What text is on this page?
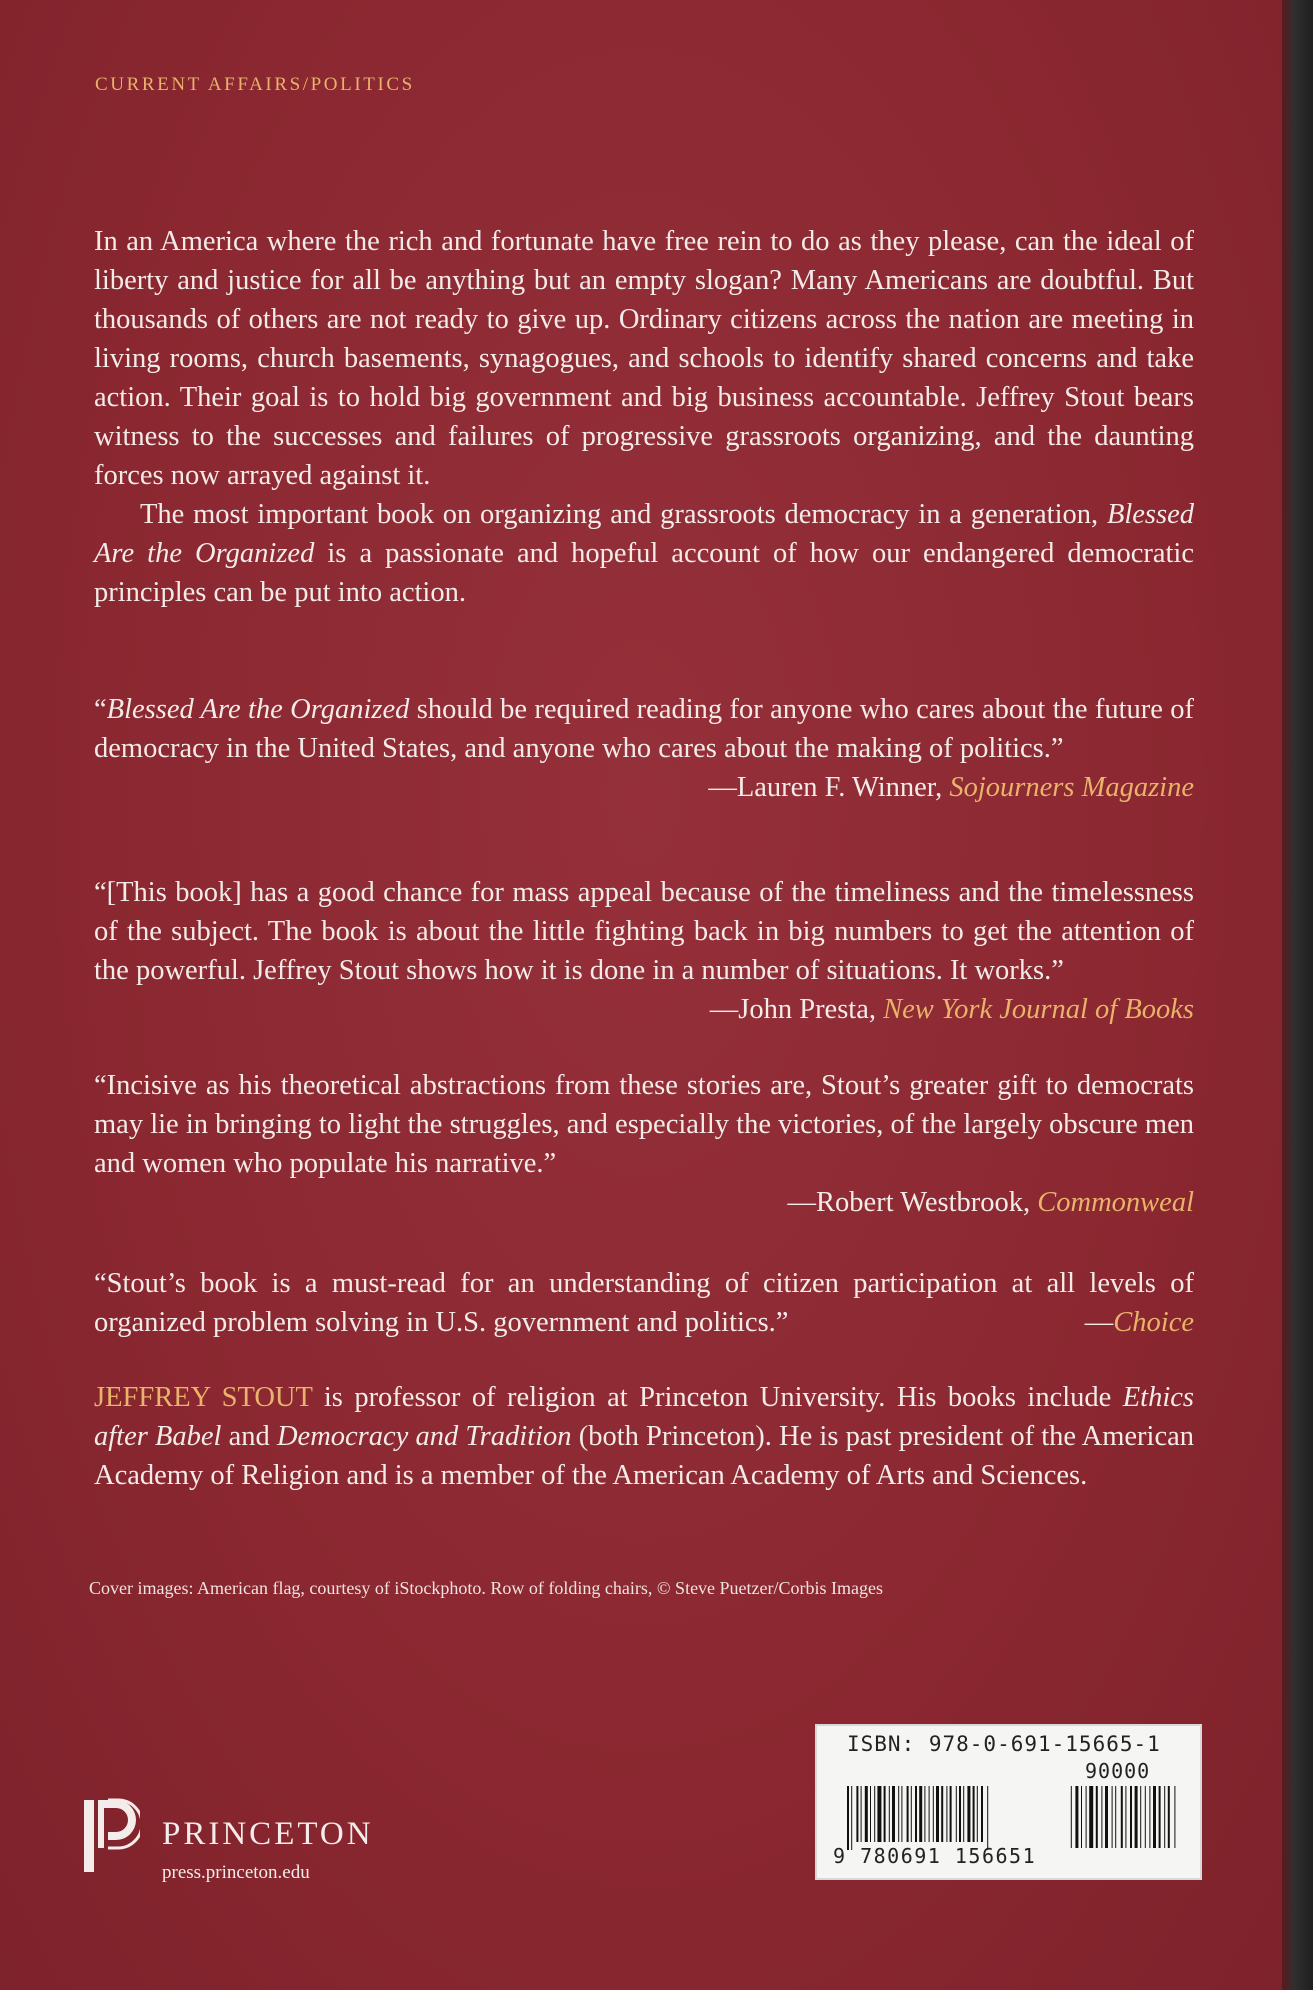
CURRENT AFFAIRS/POLITICS

In an America where the rich and fortunate have free rein to do as they please, can the ideal of liberty and justice for all be anything but an empty slogan? Many Americans are doubtful. But thousands of others are not ready to give up. Ordinary citizens across the nation are meeting in living rooms, church basements, synagogues, and schools to identify shared concerns and take action. Their goal is to hold big government and big business accountable. Jeffrey Stout bears witness to the successes and failures of progressive grassroots organizing, and the daunting forces now arrayed against it.

The most important book on organizing and grassroots democracy in a generation, Blessed Are the Organized is a passionate and hopeful account of how our endangered democratic principles can be put into action.

“Blessed Are the Organized should be required reading for anyone who cares about the future of democracy in the United States, and anyone who cares about the making of politics.”
—Lauren F. Winner, Sojourners Magazine

“[This book] has a good chance for mass appeal because of the timeliness and the timelessness of the subject. The book is about the little fighting back in big numbers to get the attention of the powerful. Jeffrey Stout shows how it is done in a number of situations. It works.”
—John Presta, New York Journal of Books

“Incisive as his theoretical abstractions from these stories are, Stout’s greater gift to democrats may lie in bringing to light the struggles, and especially the victories, of the largely obscure men and women who populate his narrative.”

—Robert Westbrook, Commonweal

“Stout’s book is a must-read for an understanding of citizen participation at all levels of organized problem solving in U.S. government and politics.”	—Choice

JEFFREY STOUT is professor of religion at Princeton University. His books include Ethics after Babel and Democracy and Tradition (both Princeton). He is past president of the American Academy of Religion and is a member of the American Academy of Arts and Sciences.

Cover images: American flag, courtesy of iStockphoto. Row of folding chairs, © Steve Puetzer/Corbis Images
PRINCETON
press.princeton.edu
ISBN: 978-0-691-15665-1
90000
9 780691 156651
